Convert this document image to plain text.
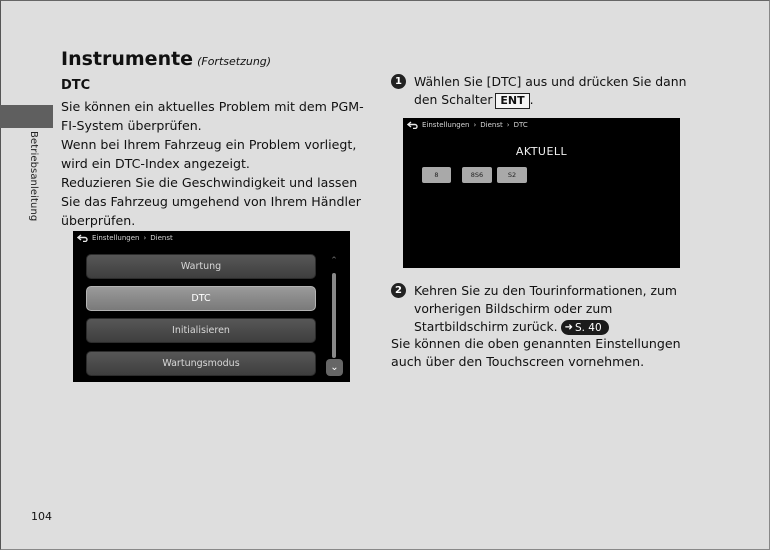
Betriebsanleitung
Instrumente (Fortsetzung)
DTC

Sie können ein aktuelles Problem mit dem PGM-FI-System überprüfen.

Wenn bei Ihrem Fahrzeug ein Problem vorliegt, wird ein DTC-Index angezeigt.

Reduzieren Sie die Geschwindigkeit und lassen Sie das Fahrzeug umgehend von Ihrem Händler überprüfen.

Einstellungen › Dienst
Wartung
DTC
Initialisieren
Wartungsmodus
⌃
⌄
Einstellungen › Dienst › DTC
AKTUELL
8	8S6	S2
1 Wählen Sie [DTC] aus und drücken Sie dann den Schalter ENT .
2 Kehren Sie zu den Tourinformationen, zum vorherigen Bildschirm oder zum Startbildschirm zurück. ➜ S. 40

Sie können die oben genannten Einstellungen auch über den Touchscreen vornehmen.

104
